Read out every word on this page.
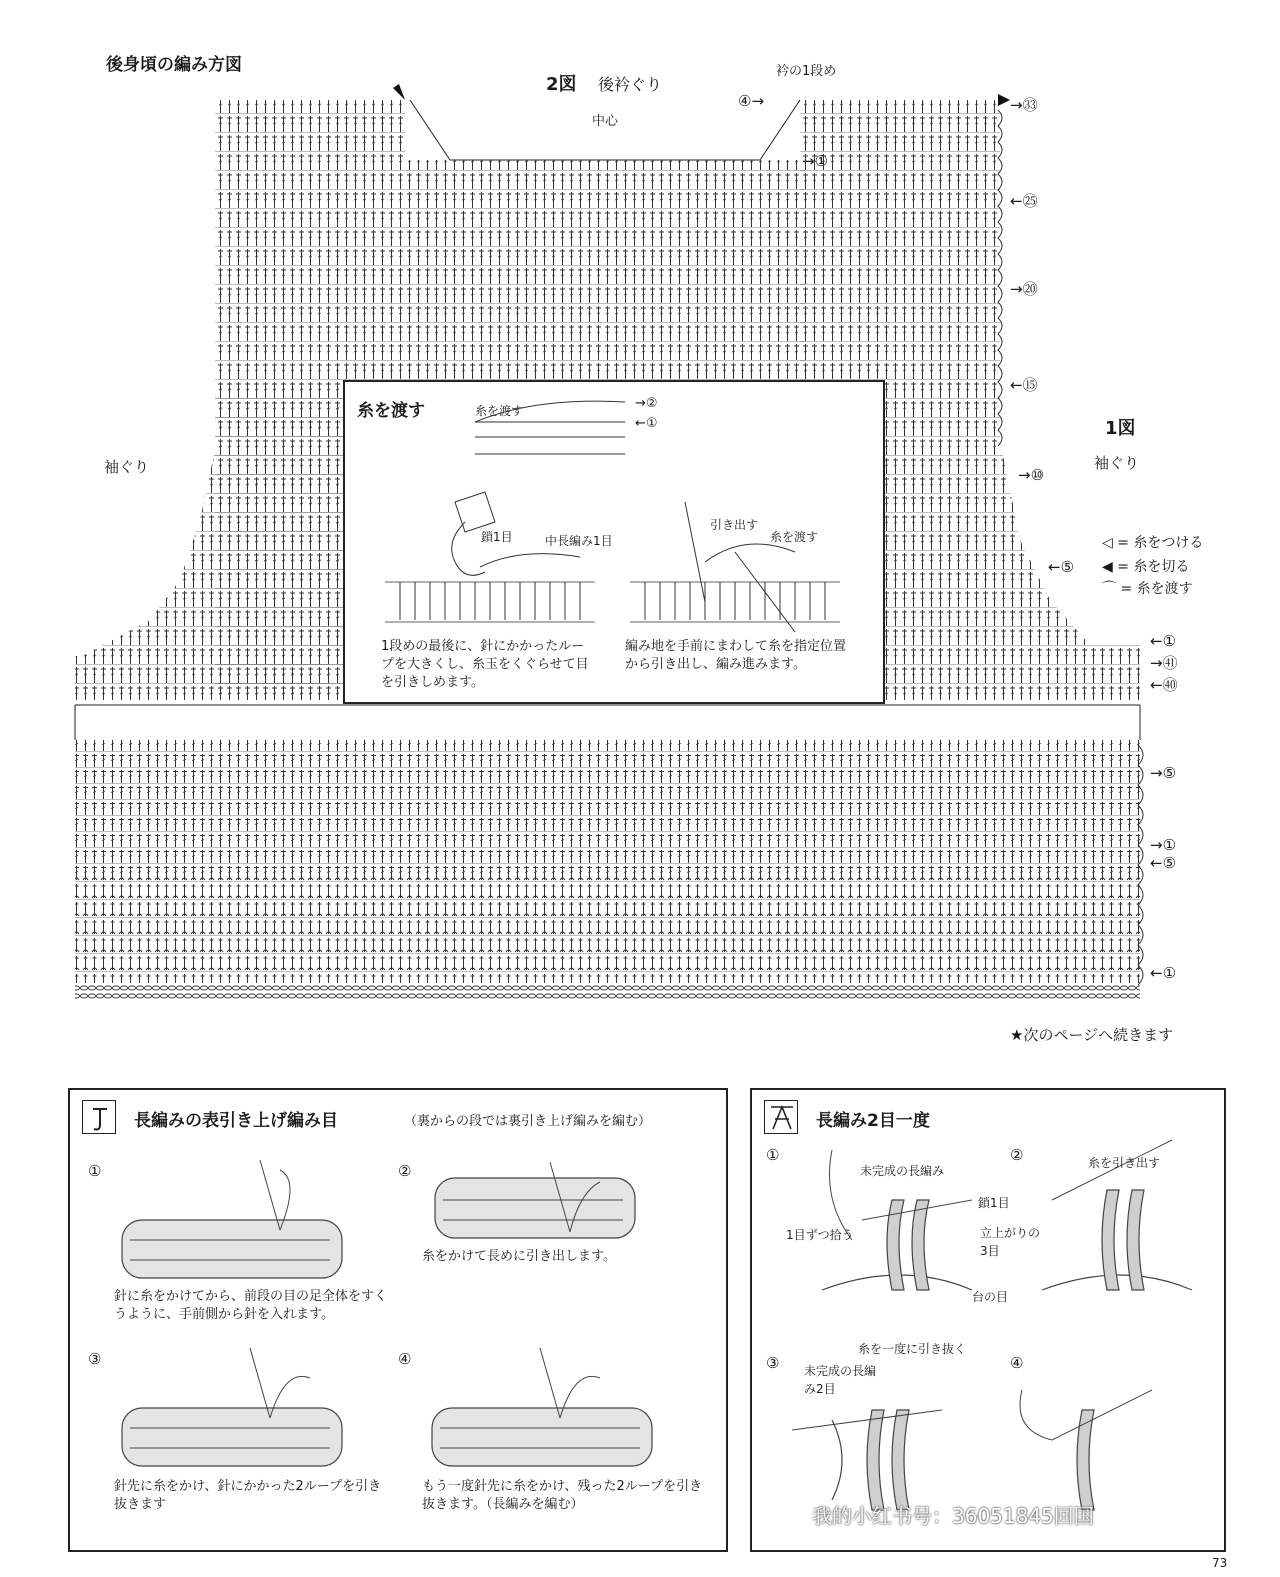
後身頃の編み方図
2図 後衿ぐり
衿の1段め
中心
袖ぐり
1図
袖ぐり
④→	→㉝
←㉕
→⑳
←⑮
→⑩
←⑤
←①
→㊶
←㊵
→⑤
→①
←⑤
←①
◁ = 糸をつける
◀ = 糸を切る
⌒ = 糸を渡す
糸を渡す	糸を渡す	→②
←①
鎖1目	中長編み1目
引き出す
糸を渡す
1段めの最後に、針にかかったループを大きくし、糸玉をくぐらせて目を引きしめます。
編み地を手前にまわして糸を指定位置から引き出し、編み進みます。
★次のページへ続きます
長編みの表引き上げ編み目	（裏からの段では裏引き上げ編みを編む）
①	②
③	④
針に糸をかけてから、前段の目の足全体をすくうように、手前側から針を入れます。
糸をかけて長めに引き出します。
針先に糸をかけ、針にかかった2ループを引き抜きます
もう一度針先に糸をかけ、残った2ループを引き抜きます。（長編みを編む）
長編み2目一度
①	②
③	④
未完成の長編み
鎖1目
1目ずつ拾う	立上がりの3目
台の目
糸を引き出す
糸を一度に引き抜く
未完成の長編み2目
73
我的小红书号：36051845回国
